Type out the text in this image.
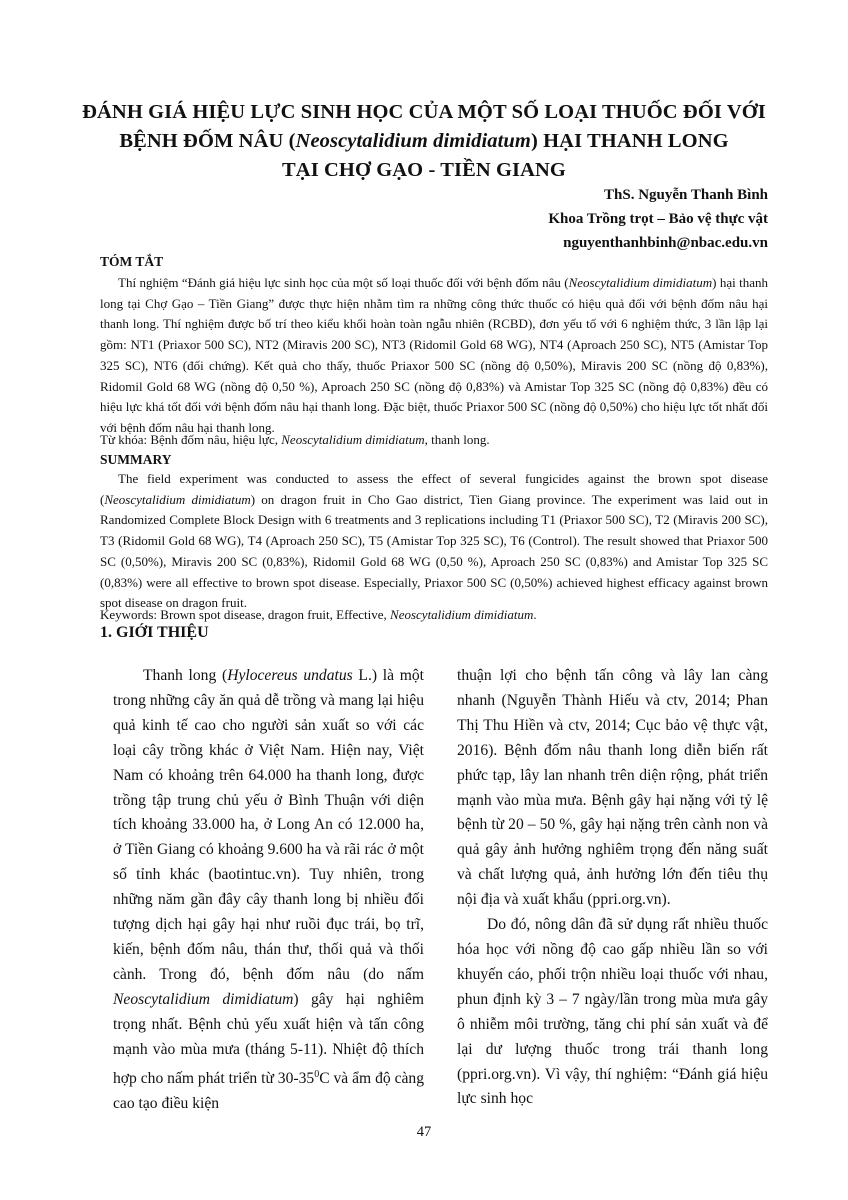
ĐÁNH GIÁ HIỆU LỰC SINH HỌC CỦA MỘT SỐ LOẠI THUỐC ĐỐI VỚI
BỆNH ĐỐM NÂU (Neoscytalidium dimidiatum) HẠI THANH LONG
TẠI CHỢ GẠO - TIỀN GIANG
ThS. Nguyễn Thanh Bình
Khoa Trồng trọt – Bảo vệ thực vật
nguyenthanhbinh@nbac.edu.vn
TÓM TẮT

Thí nghiệm “Đánh giá hiệu lực sinh học của một số loại thuốc đối với bệnh đốm nâu (Neoscytalidium dimidiatum) hại thanh long tại Chợ Gạo – Tiền Giang” được thực hiện nhằm tìm ra những công thức thuốc có hiệu quả đối với bệnh đốm nâu hại thanh long. Thí nghiệm được bố trí theo kiểu khối hoàn toàn ngẫu nhiên (RCBD), đơn yếu tố với 6 nghiệm thức, 3 lần lập lại gồm: NT1 (Priaxor 500 SC), NT2 (Miravis 200 SC), NT3 (Ridomil Gold 68 WG), NT4 (Aproach 250 SC), NT5 (Amistar Top 325 SC), NT6 (đối chứng). Kết quả cho thấy, thuốc Priaxor 500 SC (nồng độ 0,50%), Miravis 200 SC (nồng độ 0,83%), Ridomil Gold 68 WG (nồng độ 0,50 %), Aproach 250 SC (nồng độ 0,83%) và Amistar Top 325 SC (nồng độ 0,83%) đều có hiệu lực khá tốt đối với bệnh đốm nâu hại thanh long. Đặc biệt, thuốc Priaxor 500 SC (nồng độ 0,50%) cho hiệu lực tốt nhất đối với bệnh đốm nâu hại thanh long.

Từ khóa: Bệnh đốm nâu, hiệu lực, Neoscytalidium dimidiatum, thanh long.
SUMMARY

The field experiment was conducted to assess the effect of several fungicides against the brown spot disease (Neoscytalidium dimidiatum) on dragon fruit in Cho Gao district, Tien Giang province. The experiment was laid out in Randomized Complete Block Design with 6 treatments and 3 replications including T1 (Priaxor 500 SC), T2 (Miravis 200 SC), T3 (Ridomil Gold 68 WG), T4 (Aproach 250 SC), T5 (Amistar Top 325 SC), T6 (Control). The result showed that Priaxor 500 SC (0,50%), Miravis 200 SC (0,83%), Ridomil Gold 68 WG (0,50 %), Aproach 250 SC (0,83%) and Amistar Top 325 SC (0,83%) were all effective to brown spot disease. Especially, Priaxor 500 SC (0,50%) achieved highest efficacy against brown spot disease on dragon fruit.

Keywords: Brown spot disease, dragon fruit, Effective, Neoscytalidium dimidiatum.
1. GIỚI THIỆU

Thanh long (Hylocereus undatus L.) là một trong những cây ăn quả dễ trồng và mang lại hiệu quả kinh tế cao cho người sản xuất so với các loại cây trồng khác ở Việt Nam. Hiện nay, Việt Nam có khoảng trên 64.000 ha thanh long, được trồng tập trung chủ yếu ở Bình Thuận với diện tích khoảng 33.000 ha, ở Long An có 12.000 ha, ở Tiền Giang có khoảng 9.600 ha và rãi rác ở một số tỉnh khác (baotintuc.vn). Tuy nhiên, trong những năm gần đây cây thanh long bị nhiều đối tượng dịch hại gây hại như ruồi đục trái, bọ trĩ, kiến, bệnh đốm nâu, thán thư, thối quả và thối cành. Trong đó, bệnh đốm nâu (do nấm Neoscytalidium dimidiatum) gây hại nghiêm trọng nhất. Bệnh chủ yếu xuất hiện và tấn công mạnh vào mùa mưa (tháng 5-11). Nhiệt độ thích hợp cho nấm phát triển từ $30-35^0C$ và ẩm độ càng cao tạo điều kiện

thuận lợi cho bệnh tấn công và lây lan càng nhanh (Nguyễn Thành Hiếu và ctv, 2014; Phan Thị Thu Hiền và ctv, 2014; Cục bảo vệ thực vật, 2016). Bệnh đốm nâu thanh long diễn biến rất phức tạp, lây lan nhanh trên diện rộng, phát triển mạnh vào mùa mưa. Bệnh gây hại nặng với tỷ lệ bệnh từ 20 – 50 %, gây hại nặng trên cành non và quả gây ảnh hưởng nghiêm trọng đến năng suất và chất lượng quả, ảnh hưởng lớn đến tiêu thụ nội địa và xuất khẩu (ppri.org.vn).

Do đó, nông dân đã sử dụng rất nhiều thuốc hóa học với nồng độ cao gấp nhiều lần so với khuyến cáo, phối trộn nhiều loại thuốc với nhau, phun định kỳ 3 – 7 ngày/lần trong mùa mưa gây ô nhiễm môi trường, tăng chi phí sản xuất và để lại dư lượng thuốc trong trái thanh long (ppri.org.vn). Vì vậy, thí nghiệm: “Đánh giá hiệu lực sinh học

47
